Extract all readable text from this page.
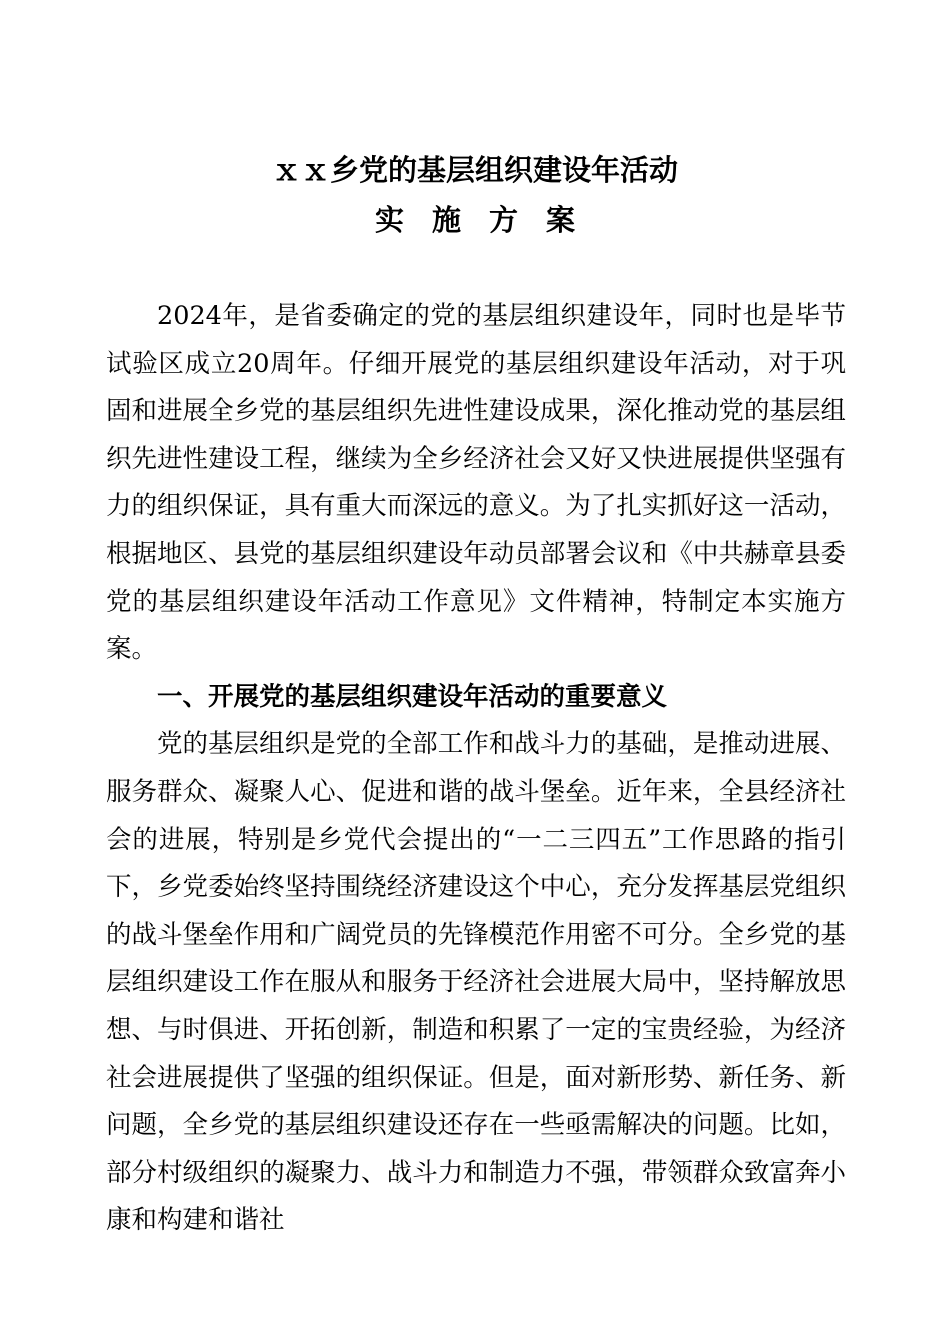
ｘｘ乡党的基层组织建设年活动
实施方案

2024年，是省委确定的党的基层组织建设年，同时也是毕节试验区成立20周年。仔细开展党的基层组织建设年活动，对于巩固和进展全乡党的基层组织先进性建设成果，深化推动党的基层组织先进性建设工程，继续为全乡经济社会又好又快进展提供坚强有力的组织保证，具有重大而深远的意义。为了扎实抓好这一活动，根据地区、县党的基层组织建设年动员部署会议和《中共赫章县委党的基层组织建设年活动工作意见》文件精神，特制定本实施方案。

一、开展党的基层组织建设年活动的重要意义

党的基层组织是党的全部工作和战斗力的基础，是推动进展、服务群众、凝聚人心、促进和谐的战斗堡垒。近年来，全县经济社会的进展，特别是乡党代会提出的“一二三四五”工作思路的指引下，乡党委始终坚持围绕经济建设这个中心，充分发挥基层党组织的战斗堡垒作用和广阔党员的先锋模范作用密不可分。全乡党的基层组织建设工作在服从和服务于经济社会进展大局中，坚持解放思想、与时俱进、开拓创新，制造和积累了一定的宝贵经验，为经济社会进展提供了坚强的组织保证。但是，面对新形势、新任务、新问题，全乡党的基层组织建设还存在一些亟需解决的问题。比如，部分村级组织的凝聚力、战斗力和制造力不强，带领群众致富奔小康和构建和谐社
